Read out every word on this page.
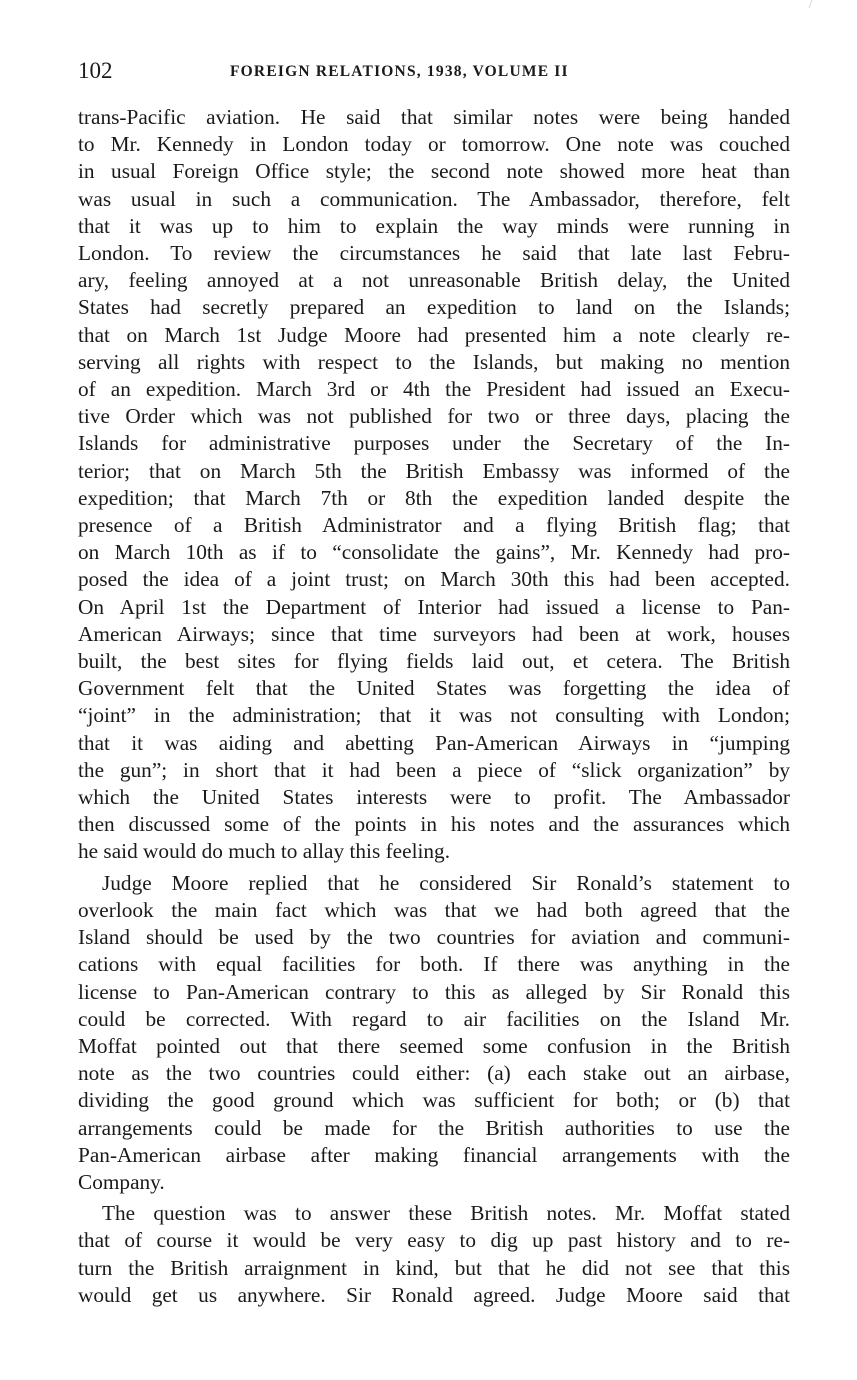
102	FOREIGN RELATIONS, 1938, VOLUME II
trans-Pacific aviation. He said that similar notes were being handed
to Mr. Kennedy in London today or tomorrow. One note was couched
in usual Foreign Office style; the second note showed more heat than
was usual in such a communication. The Ambassador, therefore, felt
that it was up to him to explain the way minds were running in
London. To review the circumstances he said that late last Febru-
ary, feeling annoyed at a not unreasonable British delay, the United
States had secretly prepared an expedition to land on the Islands;
that on March 1st Judge Moore had presented him a note clearly re-
serving all rights with respect to the Islands, but making no mention
of an expedition. March 3rd or 4th the President had issued an Execu-
tive Order which was not published for two or three days, placing the
Islands for administrative purposes under the Secretary of the In-
terior; that on March 5th the British Embassy was informed of the
expedition; that March 7th or 8th the expedition landed despite the
presence of a British Administrator and a flying British flag; that
on March 10th as if to “consolidate the gains”, Mr. Kennedy had pro-
posed the idea of a joint trust; on March 30th this had been accepted.
On April 1st the Department of Interior had issued a license to Pan-
American Airways; since that time surveyors had been at work, houses
built, the best sites for flying fields laid out, et cetera. The British
Government felt that the United States was forgetting the idea of
“joint” in the administration; that it was not consulting with London;
that it was aiding and abetting Pan-American Airways in “jumping
the gun”; in short that it had been a piece of “slick organization” by
which the United States interests were to profit. The Ambassador
then discussed some of the points in his notes and the assurances which
he said would do much to allay this feeling.
Judge Moore replied that he considered Sir Ronald’s statement to
overlook the main fact which was that we had both agreed that the
Island should be used by the two countries for aviation and communi-
cations with equal facilities for both. If there was anything in the
license to Pan-American contrary to this as alleged by Sir Ronald this
could be corrected. With regard to air facilities on the Island Mr.
Moffat pointed out that there seemed some confusion in the British
note as the two countries could either: (a) each stake out an airbase,
dividing the good ground which was sufficient for both; or (b) that
arrangements could be made for the British authorities to use the
Pan-American airbase after making financial arrangements with the
Company.
The question was to answer these British notes. Mr. Moffat stated
that of course it would be very easy to dig up past history and to re-
turn the British arraignment in kind, but that he did not see that this
would get us anywhere. Sir Ronald agreed. Judge Moore said that
